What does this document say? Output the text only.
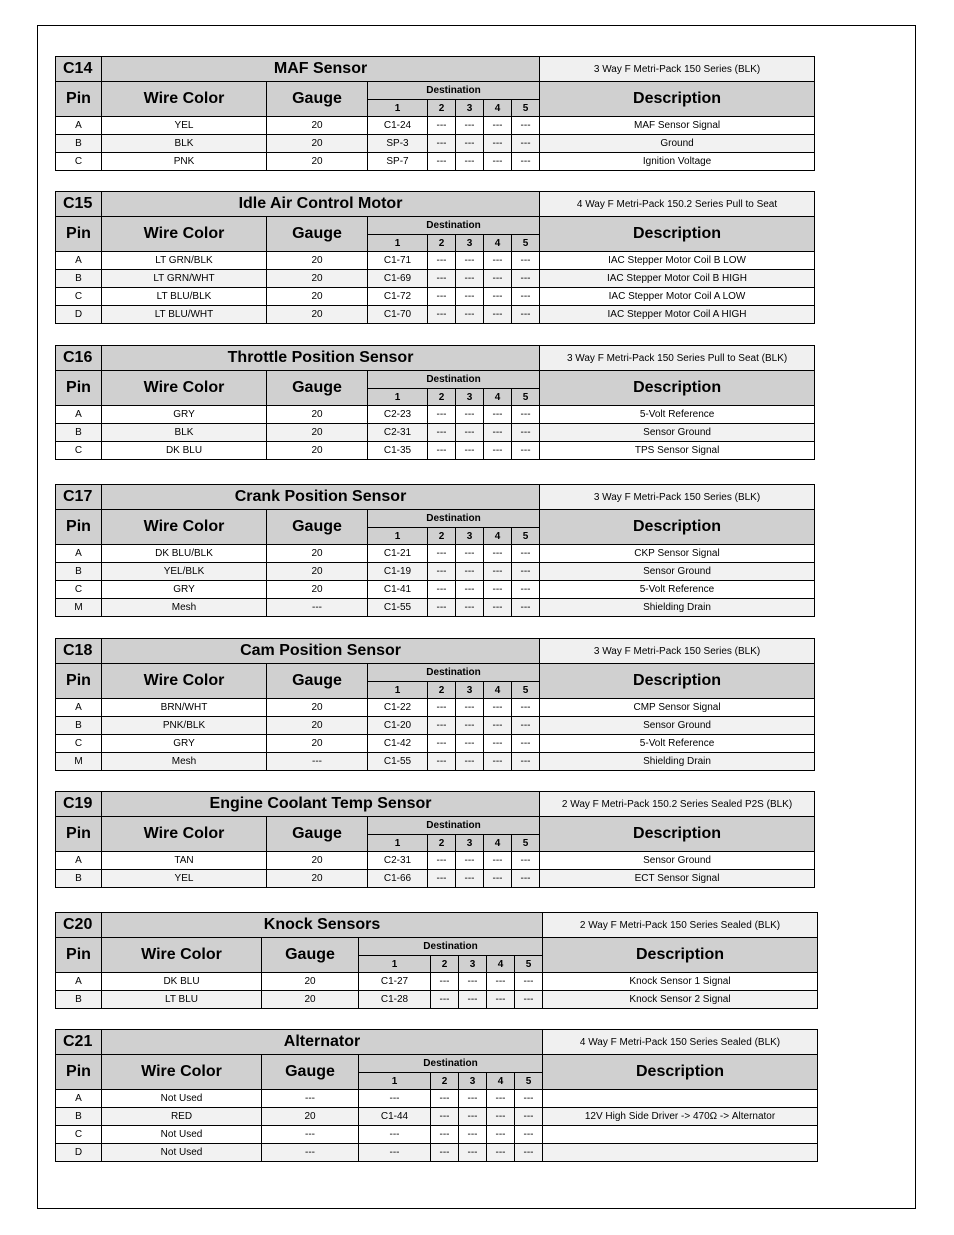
C14	MAF Sensor							3 Way F Metri-Pack 150 Series (BLK)
Pin	Wire Color	Gauge	Destination					Description
			1	2	3	4	5	
A	YEL	20	C1-24	---	---	---	---	MAF Sensor Signal
B	BLK	20	SP-3	---	---	---	---	Ground
C	PNK	20	SP-7	---	---	---	---	Ignition Voltage
C15	Idle Air Control Motor							4 Way F Metri-Pack 150.2 Series Pull to Seat
Pin	Wire Color	Gauge	Destination					Description
			1	2	3	4	5	
A	LT GRN/BLK	20	C1-71	---	---	---	---	IAC Stepper Motor Coil B LOW
B	LT GRN/WHT	20	C1-69	---	---	---	---	IAC Stepper Motor Coil B HIGH
C	LT BLU/BLK	20	C1-72	---	---	---	---	IAC Stepper Motor Coil A LOW
D	LT BLU/WHT	20	C1-70	---	---	---	---	IAC Stepper Motor Coil A HIGH
C16	Throttle Position Sensor							3 Way F Metri-Pack 150 Series Pull to Seat (BLK)
Pin	Wire Color	Gauge	Destination					Description
			1	2	3	4	5	
A	GRY	20	C2-23	---	---	---	---	5-Volt Reference
B	BLK	20	C2-31	---	---	---	---	Sensor Ground
C	DK BLU	20	C1-35	---	---	---	---	TPS Sensor Signal
C17	Crank Position Sensor							3 Way F Metri-Pack 150 Series (BLK)
Pin	Wire Color	Gauge	Destination					Description
			1	2	3	4	5	
A	DK BLU/BLK	20	C1-21	---	---	---	---	CKP Sensor Signal
B	YEL/BLK	20	C1-19	---	---	---	---	Sensor Ground
C	GRY	20	C1-41	---	---	---	---	5-Volt Reference
M	Mesh	---	C1-55	---	---	---	---	Shielding Drain
C18	Cam Position Sensor							3 Way F Metri-Pack 150 Series (BLK)
Pin	Wire Color	Gauge	Destination					Description
			1	2	3	4	5	
A	BRN/WHT	20	C1-22	---	---	---	---	CMP Sensor Signal
B	PNK/BLK	20	C1-20	---	---	---	---	Sensor Ground
C	GRY	20	C1-42	---	---	---	---	5-Volt Reference
M	Mesh	---	C1-55	---	---	---	---	Shielding Drain
C19	Engine Coolant Temp Sensor							2 Way F Metri-Pack 150.2 Series Sealed P2S (BLK)
Pin	Wire Color	Gauge	Destination					Description
			1	2	3	4	5	
A	TAN	20	C2-31	---	---	---	---	Sensor Ground
B	YEL	20	C1-66	---	---	---	---	ECT Sensor Signal
C20	Knock Sensors							2 Way F Metri-Pack 150 Series Sealed (BLK)
Pin	Wire Color	Gauge	Destination					Description
			1	2	3	4	5	
A	DK BLU	20	C1-27	---	---	---	---	Knock Sensor 1 Signal
B	LT BLU	20	C1-28	---	---	---	---	Knock Sensor 2 Signal
C21	Alternator							4 Way F Metri-Pack 150 Series Sealed (BLK)
Pin	Wire Color	Gauge	Destination					Description
			1	2	3	4	5	
A	Not Used	---	---	---	---	---	---	
B	RED	20	C1-44	---	---	---	---	12V High Side Driver -> 470Ω -> Alternator
C	Not Used	---	---	---	---	---	---	
D	Not Used	---	---	---	---	---	---	
